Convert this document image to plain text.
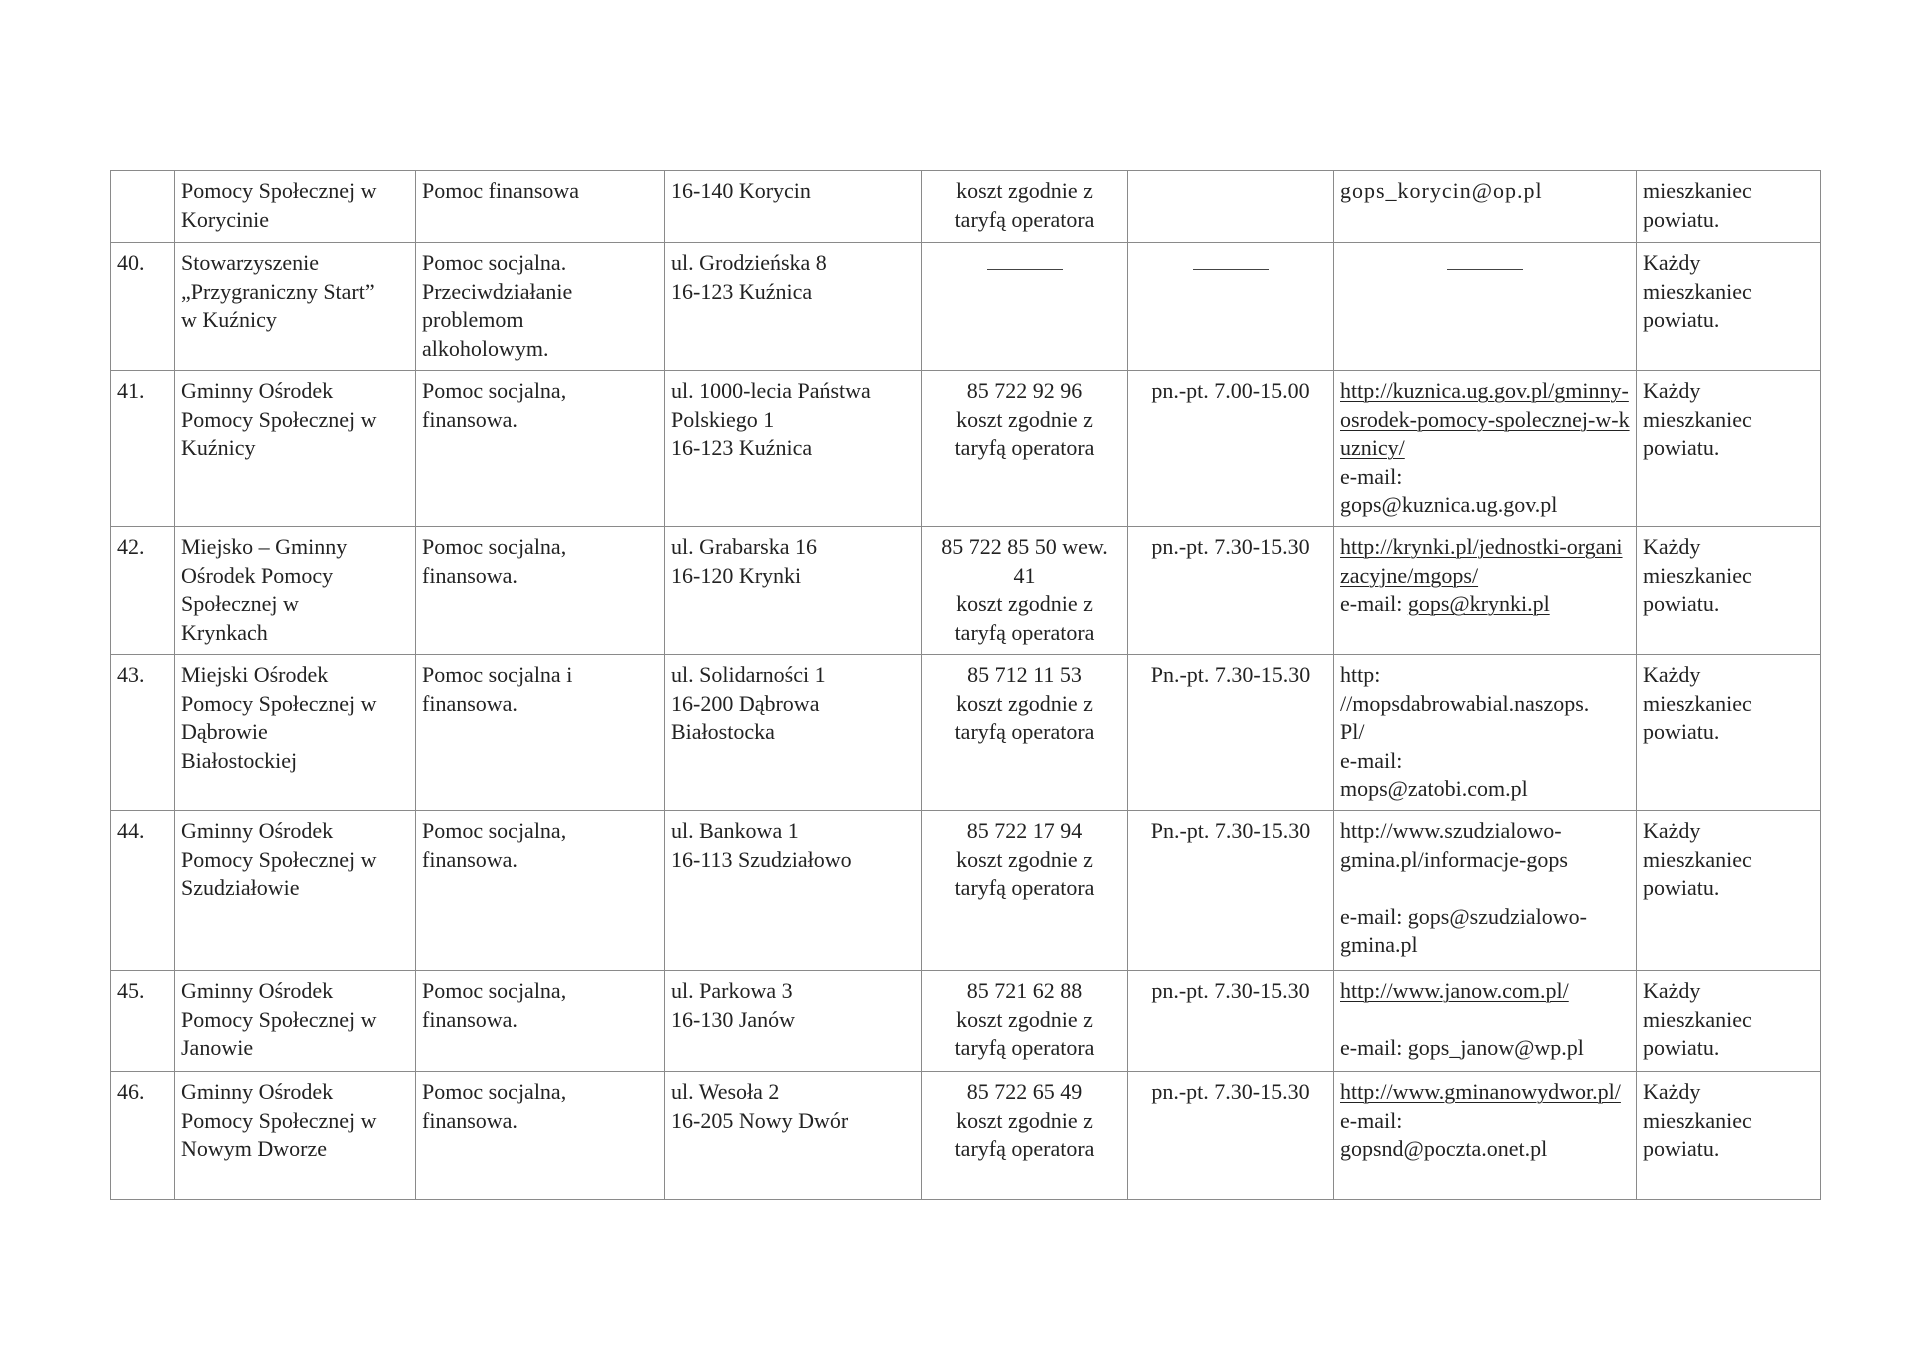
	Pomocy Społecznej w
Korycinie	Pomoc finansowa	16-140 Korycin	koszt zgodnie z
taryfą operatora		gops_korycin@op.pl	mieszkaniec
powiatu.

40.	Stowarzyszenie
„Przygraniczny Start”
w Kuźnicy	Pomoc socjalna.
Przeciwdziałanie
problemom
alkoholowym.	ul. Grodzieńska 8
16-123 Kuźnica				Każdy
mieszkaniec
powiatu.

41.	Gminny Ośrodek
Pomocy Społecznej w
Kuźnicy	Pomoc socjalna,
finansowa.	ul. 1000-lecia Państwa
Polskiego 1
16-123 Kuźnica	85 722 92 96
koszt zgodnie z
taryfą operatora	pn.-pt. 7.00-15.00	http://kuznica.ug.gov.pl/gminny-osrodek-pomocy-spolecznej-w-kuznicy/
e-mail:
gops@kuznica.ug.gov.pl	Każdy
mieszkaniec
powiatu.

42.	Miejsko – Gminny
Ośrodek Pomocy
Społecznej w
Krynkach	Pomoc socjalna,
finansowa.	ul. Grabarska 16
16-120 Krynki	85 722 85 50 wew.
41
koszt zgodnie z
taryfą operatora	pn.-pt. 7.30-15.30	http://krynki.pl/jednostki-organizacyjne/mgops/
e-mail: gops@krynki.pl	Każdy
mieszkaniec
powiatu.

43.	Miejski Ośrodek
Pomocy Społecznej w
Dąbrowie
Białostockiej	Pomoc socjalna i
finansowa.	ul. Solidarności 1
16-200 Dąbrowa
Białostocka	85 712 11 53
koszt zgodnie z
taryfą operatora	Pn.-pt. 7.30-15.30	http:
//mopsdabrowabial.naszops.
Pl/
e-mail:
mops@zatobi.com.pl	Każdy
mieszkaniec
powiatu.

44.	Gminny Ośrodek
Pomocy Społecznej w
Szudziałowie	Pomoc socjalna,
finansowa.	ul. Bankowa 1
16-113 Szudziałowo	85 722 17 94
koszt zgodnie z
taryfą operatora	Pn.-pt. 7.30-15.30	http://www.szudzialowo-
gmina.pl/informacje-gops

e-mail: gops@szudzialowo-
gmina.pl	Każdy
mieszkaniec
powiatu.

45.	Gminny Ośrodek
Pomocy Społecznej w
Janowie	Pomoc socjalna,
finansowa.	ul. Parkowa 3
16-130 Janów	85 721 62 88
koszt zgodnie z
taryfą operatora	pn.-pt. 7.30-15.30	http://www.janow.com.pl/

e-mail: gops_janow@wp.pl	Każdy
mieszkaniec
powiatu.

46.	Gminny Ośrodek
Pomocy Społecznej w
Nowym Dworze	Pomoc socjalna,
finansowa.	ul. Wesoła 2
16-205 Nowy Dwór	85 722 65 49
koszt zgodnie z
taryfą operatora	pn.-pt. 7.30-15.30	http://www.gminanowydwor.pl/
e-mail:
gopsnd@poczta.onet.pl	Każdy
mieszkaniec
powiatu.
